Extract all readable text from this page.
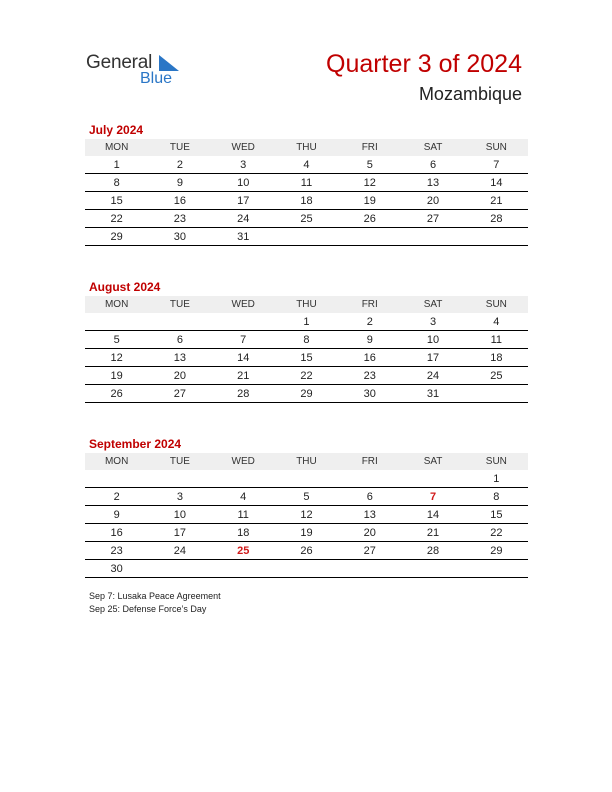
General
Blue
Quarter 3 of 2024
Mozambique
July 2024
MON	TUE	WED	THU	FRI	SAT	SUN
1	2	3	4	5	6	7
8	9	10	11	12	13	14
15	16	17	18	19	20	21
22	23	24	25	26	27	28
29	30	31				
August 2024
MON	TUE	WED	THU	FRI	SAT	SUN
			1	2	3	4
5	6	7	8	9	10	11
12	13	14	15	16	17	18
19	20	21	22	23	24	25
26	27	28	29	30	31	
September 2024
MON	TUE	WED	THU	FRI	SAT	SUN
						1
2	3	4	5	6	7	8
9	10	11	12	13	14	15
16	17	18	19	20	21	22
23	24	25	26	27	28	29
30						
Sep 7: Lusaka Peace Agreement
Sep 25: Defense Force’s Day
